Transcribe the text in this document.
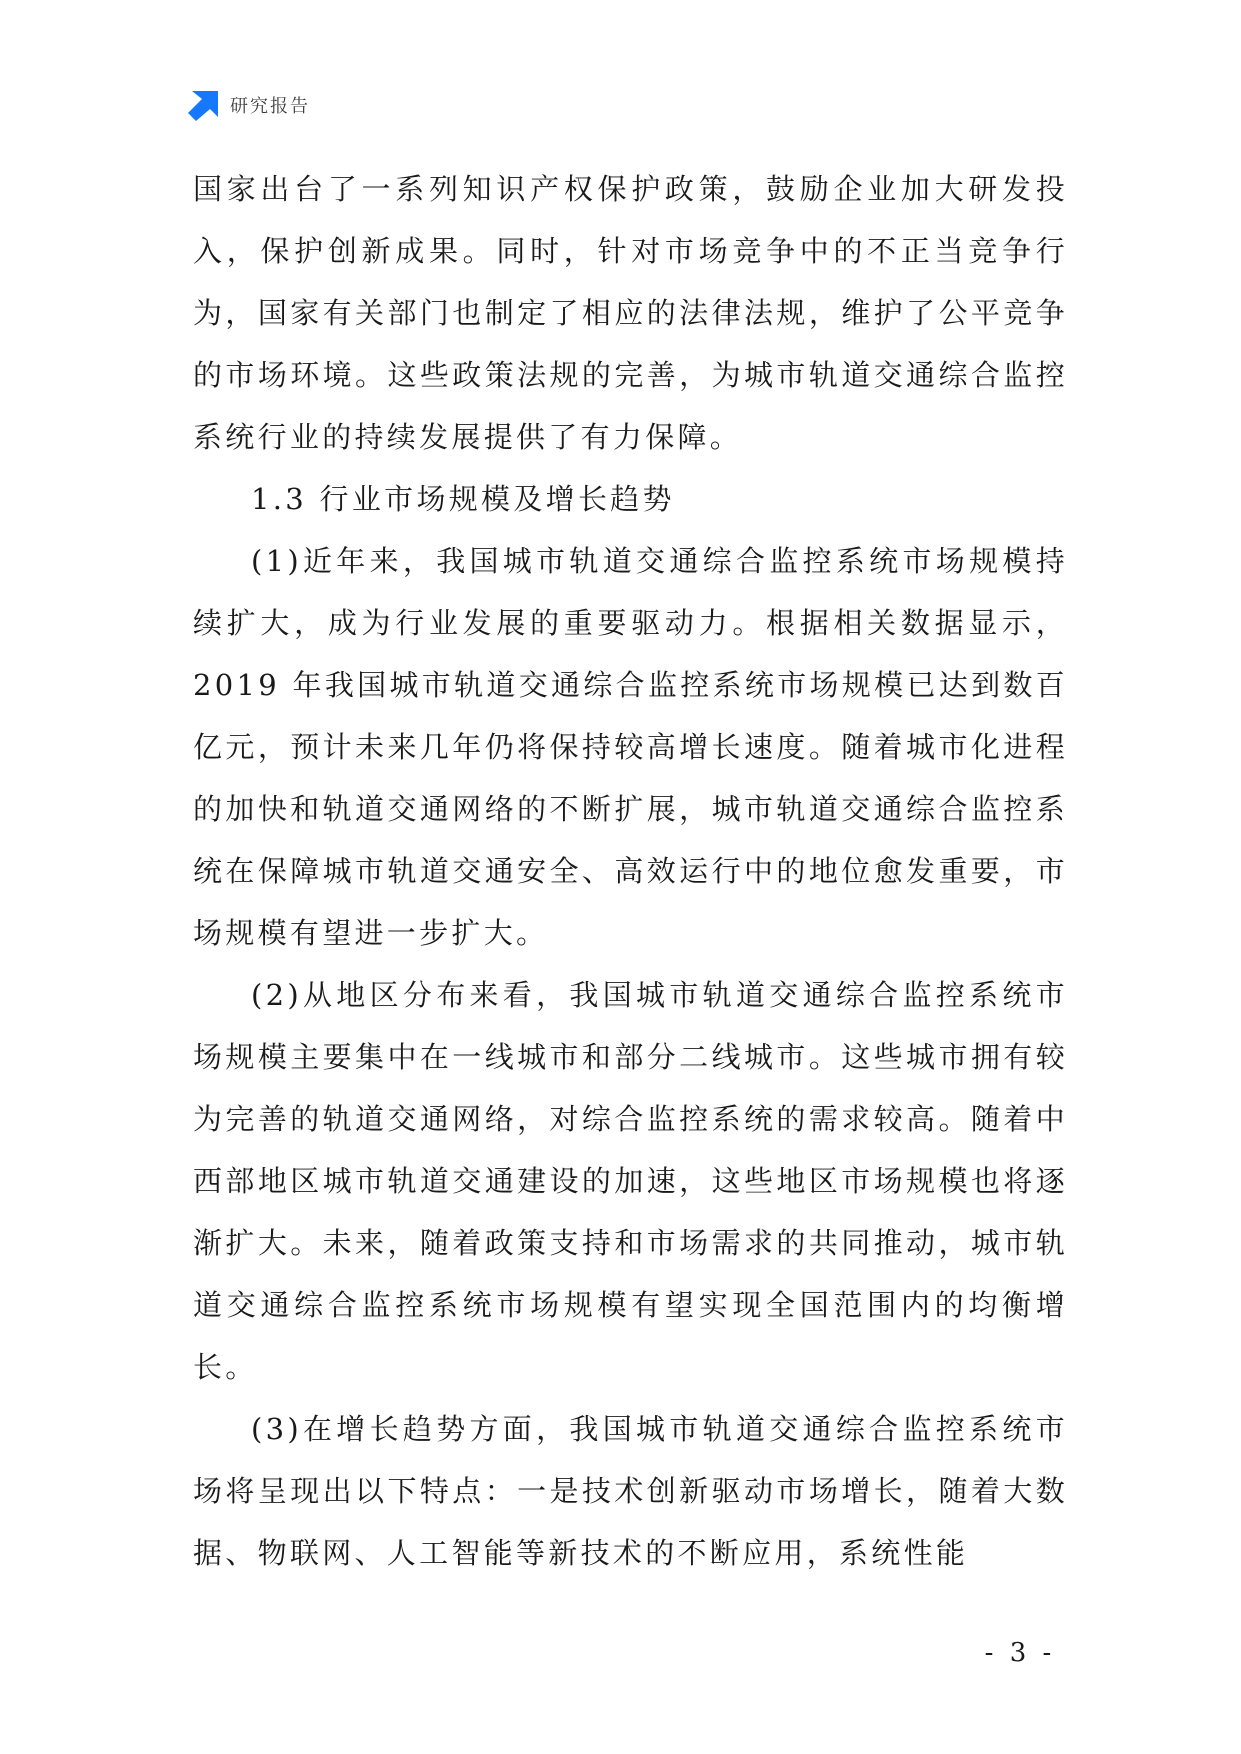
研究报告

国家出台了一系列知识产权保护政策，鼓励企业加大研发投入，保护创新成果。同时，针对市场竞争中的不正当竞争行为，国家有关部门也制定了相应的法律法规，维护了公平竞争的市场环境。这些政策法规的完善，为城市轨道交通综合监控系统行业的持续发展提供了有力保障。

1.3 行业市场规模及增长趋势

(1)近年来，我国城市轨道交通综合监控系统市场规模持续扩大，成为行业发展的重要驱动力。根据相关数据显示，2019 年我国城市轨道交通综合监控系统市场规模已达到数百亿元，预计未来几年仍将保持较高增长速度。随着城市化进程的加快和轨道交通网络的不断扩展，城市轨道交通综合监控系统在保障城市轨道交通安全、高效运行中的地位愈发重要，市场规模有望进一步扩大。

(2)从地区分布来看，我国城市轨道交通综合监控系统市场规模主要集中在一线城市和部分二线城市。这些城市拥有较为完善的轨道交通网络，对综合监控系统的需求较高。随着中西部地区城市轨道交通建设的加速，这些地区市场规模也将逐渐扩大。未来，随着政策支持和市场需求的共同推动，城市轨道交通综合监控系统市场规模有望实现全国范围内的均衡增长。

(3)在增长趋势方面，我国城市轨道交通综合监控系统市场将呈现出以下特点：一是技术创新驱动市场增长，随着大数据、物联网、人工智能等新技术的不断应用，系统性能

- 3 -
